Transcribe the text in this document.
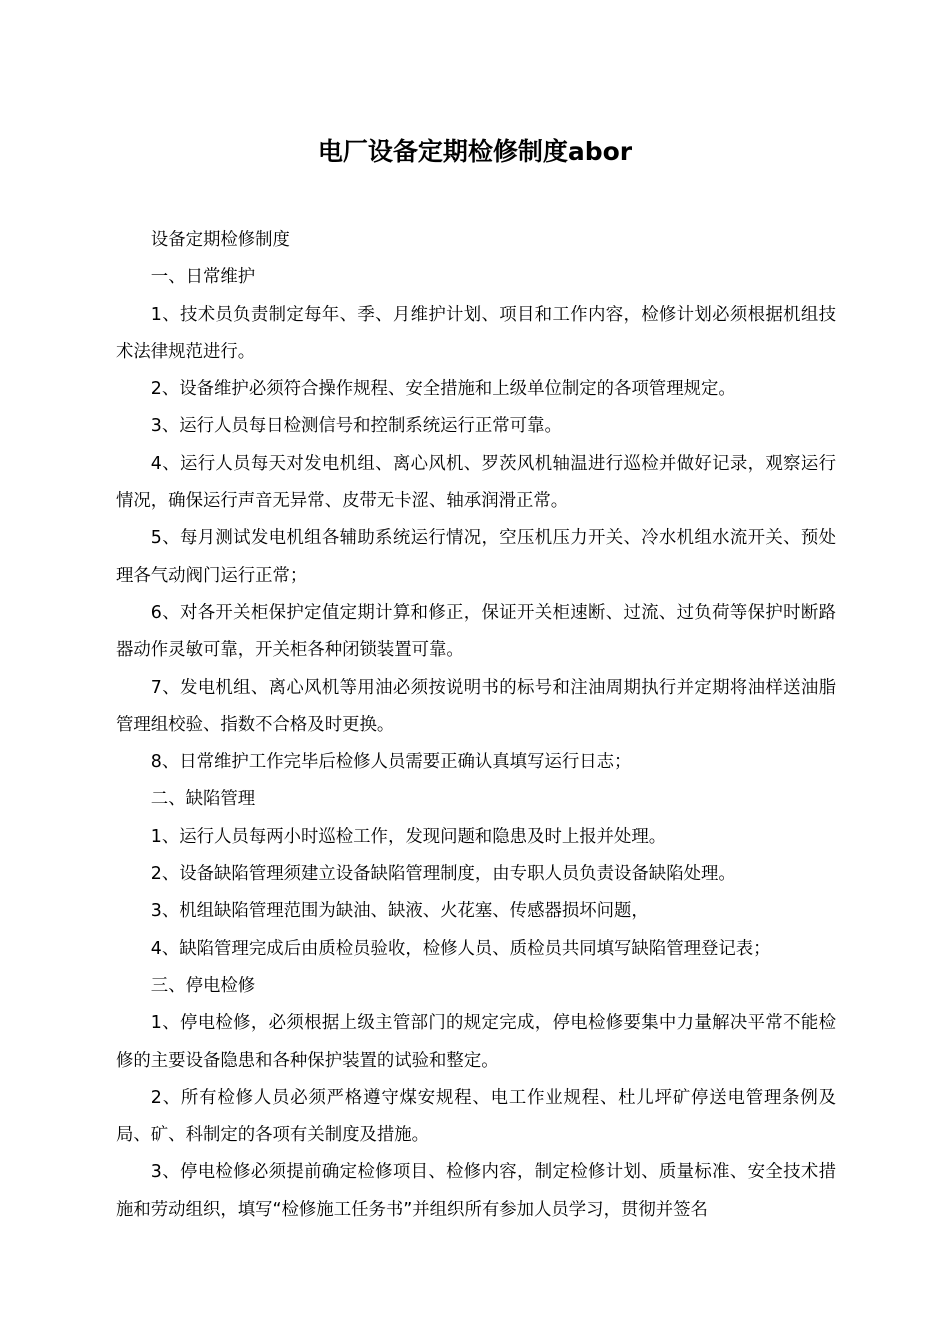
电厂设备定期检修制度abor

设备定期检修制度

一、日常维护

1、技术员负责制定每年、季、月维护计划、项目和工作内容，检修计划必须根据机组技术法律规范进行。

2、设备维护必须符合操作规程、安全措施和上级单位制定的各项管理规定。

3、运行人员每日检测信号和控制系统运行正常可靠。

4、运行人员每天对发电机组、离心风机、罗茨风机轴温进行巡检并做好记录，观察运行情况，确保运行声音无异常、皮带无卡涩、轴承润滑正常。

5、每月测试发电机组各辅助系统运行情况，空压机压力开关、冷水机组水流开关、预处理各气动阀门运行正常；

6、对各开关柜保护定值定期计算和修正，保证开关柜速断、过流、过负荷等保护时断路器动作灵敏可靠，开关柜各种闭锁装置可靠。

7、发电机组、离心风机等用油必须按说明书的标号和注油周期执行并定期将油样送油脂管理组校验、指数不合格及时更换。

8、日常维护工作完毕后检修人员需要正确认真填写运行日志；

二、缺陷管理

1、运行人员每两小时巡检工作，发现问题和隐患及时上报并处理。

2、设备缺陷管理须建立设备缺陷管理制度，由专职人员负责设备缺陷处理。

3、机组缺陷管理范围为缺油、缺液、火花塞、传感器损坏问题，

4、缺陷管理完成后由质检员验收，检修人员、质检员共同填写缺陷管理登记表；

三、停电检修

1、停电检修，必须根据上级主管部门的规定完成，停电检修要集中力量解决平常不能检修的主要设备隐患和各种保护装置的试验和整定。

2、所有检修人员必须严格遵守煤安规程、电工作业规程、杜儿坪矿停送电管理条例及局、矿、科制定的各项有关制度及措施。

3、停电检修必须提前确定检修项目、检修内容，制定检修计划、质量标准、安全技术措施和劳动组织，填写“检修施工任务书”并组织所有参加人员学习，贯彻并签名
